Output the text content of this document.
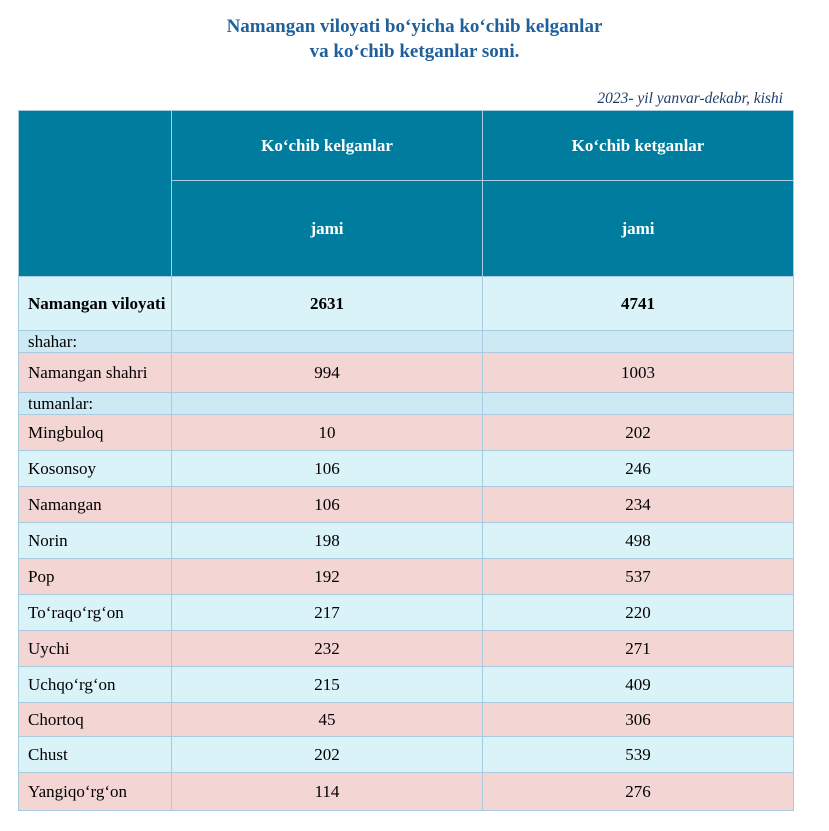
Namangan viloyati bo‘yicha ko‘chib kelganlar
va ko‘chib ketganlar soni.
2023- yil yanvar-dekabr, kishi
	Ko‘chib kelganlar	Ko‘chib ketganlar
	jami	jami
Namangan viloyati	2631	4741
shahar:		
Namangan shahri	994	1003
tumanlar:		
Mingbuloq	10	202
Kosonsoy	106	246
Namangan	106	234
Norin	198	498
Pop	192	537
To‘raqo‘rg‘on	217	220
Uychi	232	271
Uchqo‘rg‘on	215	409
Chortoq	45	306
Chust	202	539
Yangiqo‘rg‘on	114	276
